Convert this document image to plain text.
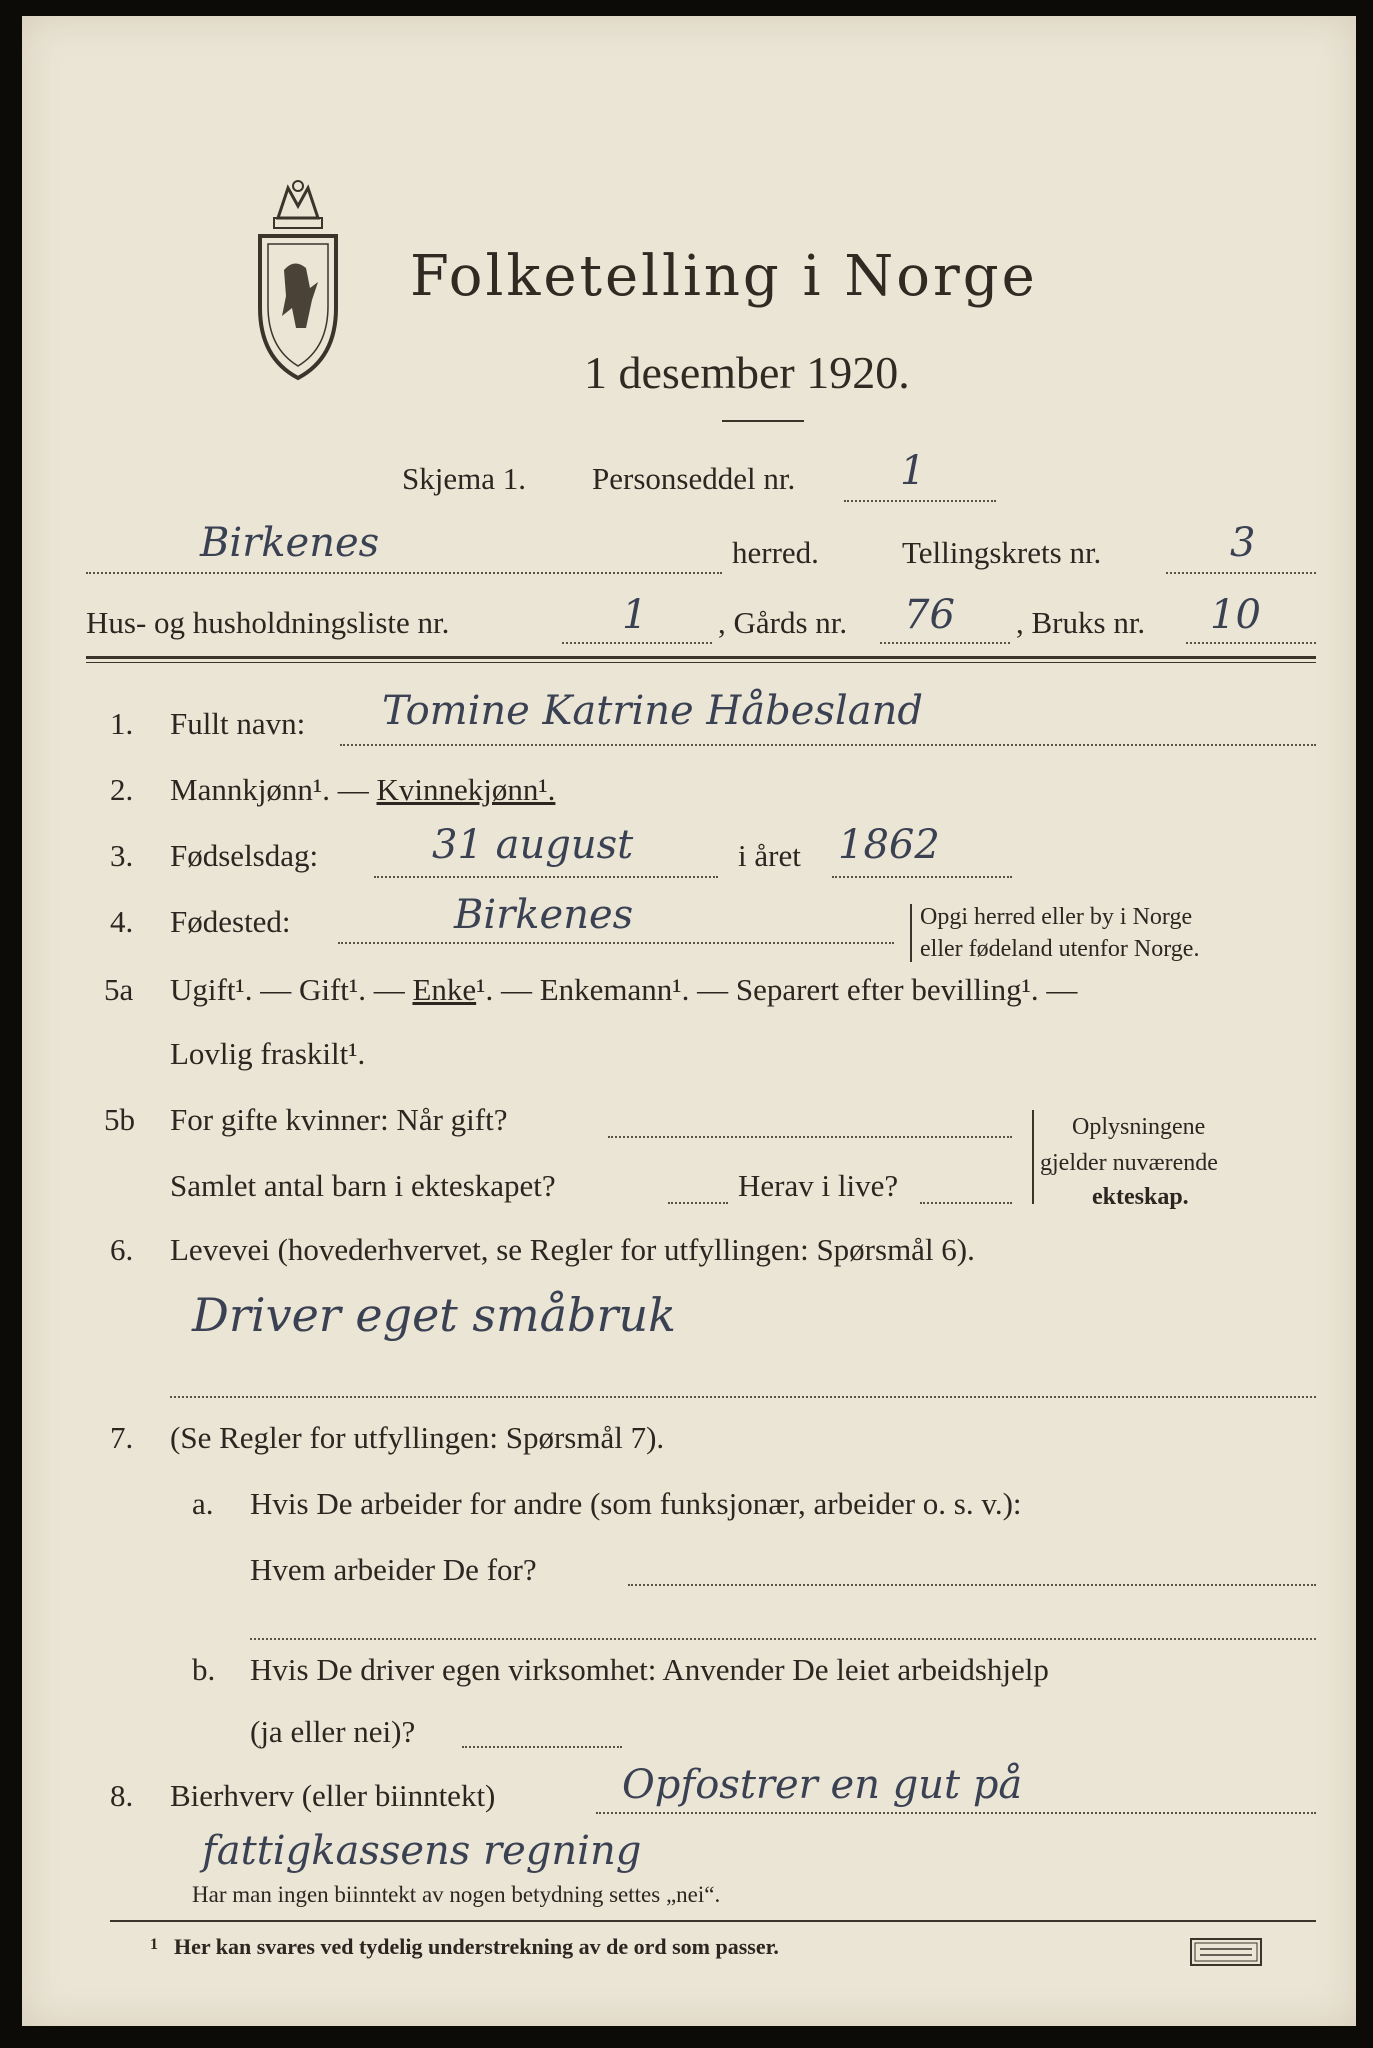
Folketelling i Norge
1 desember 1920.
Skjema 1. Personseddel nr.	1
Birkenes	herred.	Tellingskrets nr.	3
Hus- og husholdningsliste nr.	1 , Gårds nr. 76 , Bruks nr. 10
1. Fullt navn: Tomine Katrine Håbesland
2. Mannkjønn¹. — Kvinnekjønn¹.
3. Fødselsdag:	31 august	i året 1862
4. Fødested:	Birkenes	Opgi herred eller by i Norge
eller fødeland utenfor Norge.
5a Ugift¹. — Gift¹. — Enke¹. — Enkemann¹. — Separert efter bevilling¹. —
Lovlig fraskilt¹.
5b For gifte kvinner: Når gift?
Samlet antal barn i ekteskapet?	Herav i live?
Oplysningene
gjelder nuværende
ekteskap.
6. Levevei (hovederhvervet, se Regler for utfyllingen: Spørsmål 6).
Driver eget småbruk
7. (Se Regler for utfyllingen: Spørsmål 7).
a. Hvis De arbeider for andre (som funksjonær, arbeider o. s. v.):
Hvem arbeider De for?
b. Hvis De driver egen virksomhet: Anvender De leiet arbeidshjelp
(ja eller nei)?
8. Bierhverv (eller biinntekt)	Opfostrer en gut på
fattigkassens regning
Har man ingen biinntekt av nogen betydning settes „nei“.
1 Her kan svares ved tydelig understrekning av de ord som passer.
